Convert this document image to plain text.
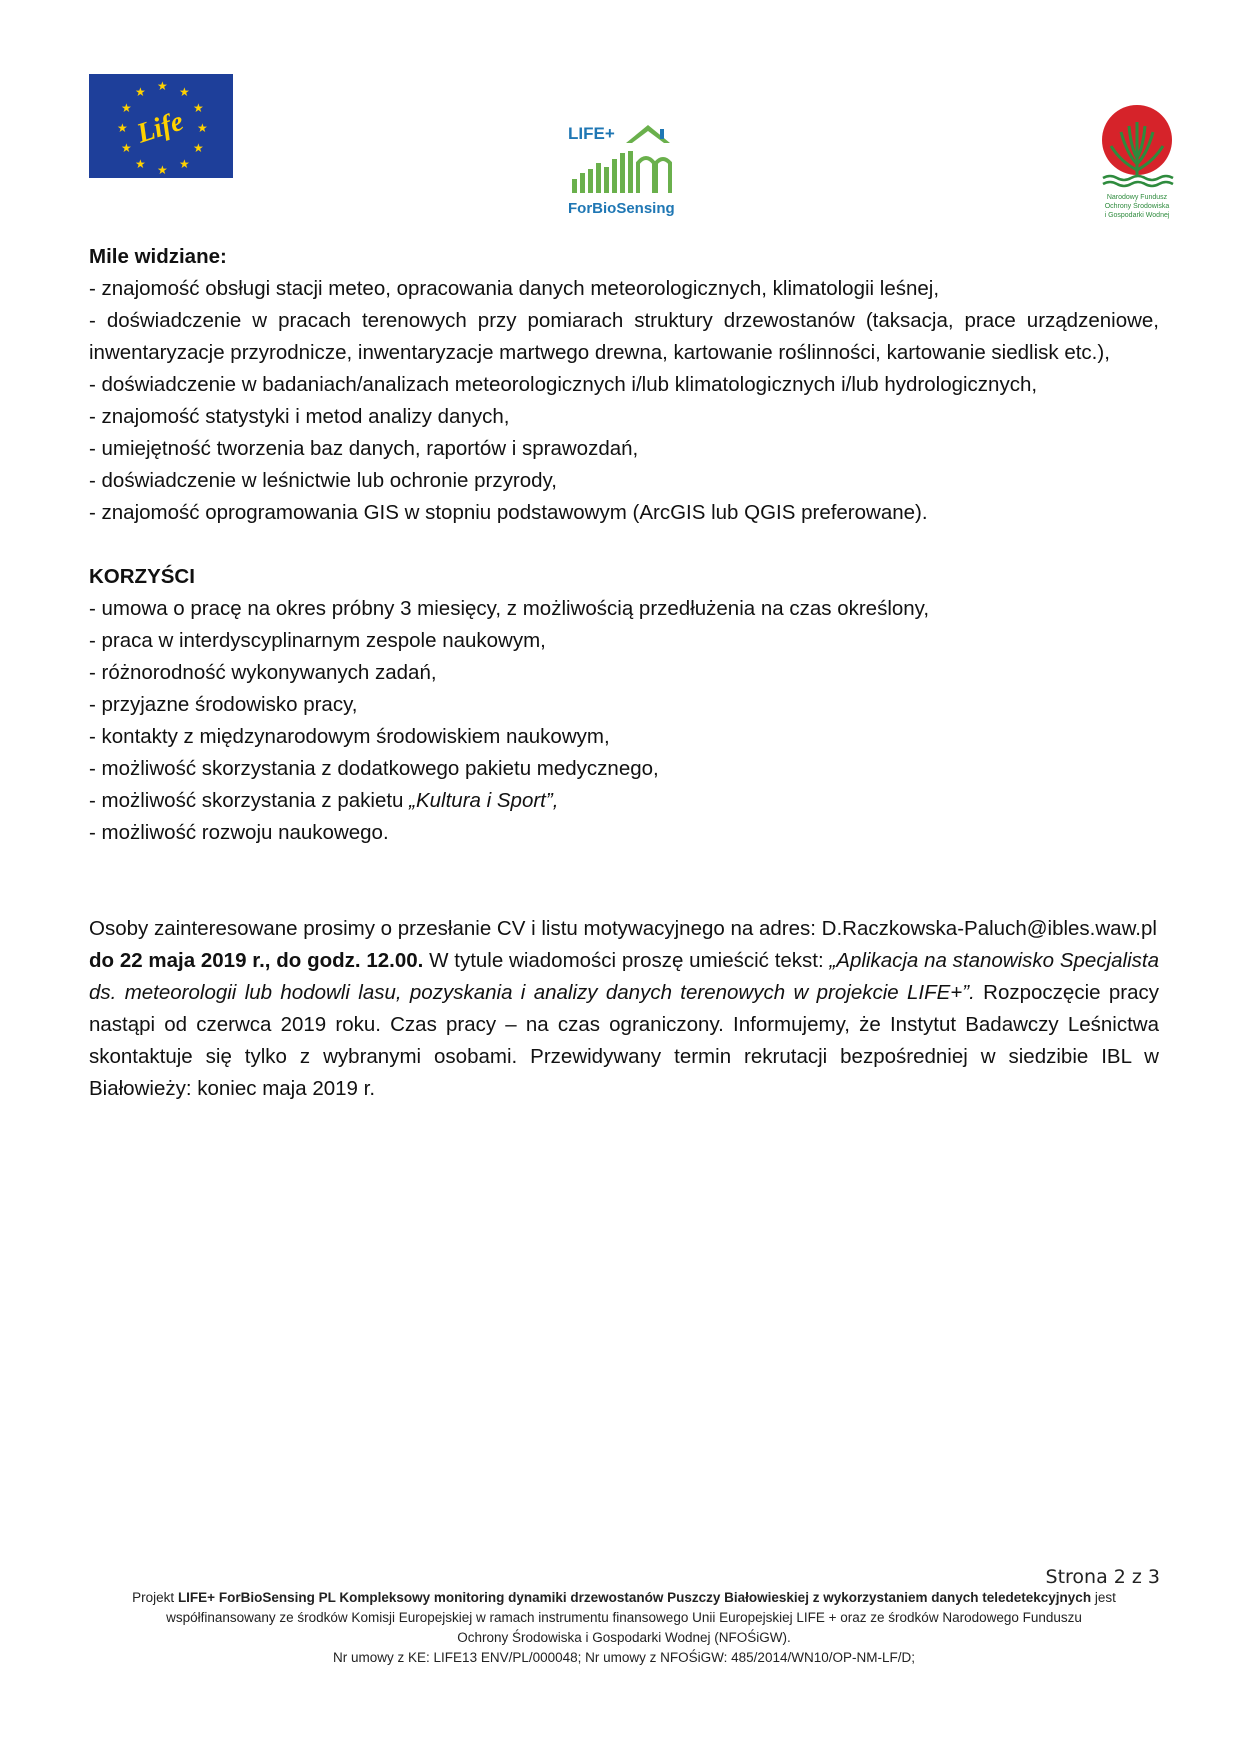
★ ★
★
★
★
★
★
★
★
★
★
★
Life	LIFE+
ForBioSensing
Narodowy Fundusz
Ochrony Środowiska
i Gospodarki Wodnej

Mile widziane:

- znajomość obsługi stacji meteo, opracowania danych meteorologicznych, klimatologii leśnej,

- doświadczenie w pracach terenowych przy pomiarach struktury drzewostanów (taksacja, prace urządzeniowe, inwentaryzacje przyrodnicze, inwentaryzacje martwego drewna, kartowanie roślinności, kartowanie siedlisk etc.),

- doświadczenie w badaniach/analizach meteorologicznych i/lub klimatologicznych i/lub hydrologicznych,

- znajomość statystyki i metod analizy danych,

- umiejętność tworzenia baz danych, raportów i sprawozdań,

- doświadczenie w leśnictwie lub ochronie przyrody,

- znajomość oprogramowania GIS w stopniu podstawowym (ArcGIS lub QGIS preferowane).

KORZYŚCI

- umowa o pracę na okres próbny 3 miesięcy, z możliwością przedłużenia na czas określony,

- praca w interdyscyplinarnym zespole naukowym,

- różnorodność wykonywanych zadań,

- przyjazne środowisko pracy,

- kontakty z międzynarodowym środowiskiem naukowym,

- możliwość skorzystania z dodatkowego pakietu medycznego,

- możliwość skorzystania z pakietu „Kultura i Sport”,

- możliwość rozwoju naukowego.

Osoby zainteresowane prosimy o przesłanie CV i listu motywacyjnego na adres: D.Raczkowska-Paluch@ibles.waw.pl

do 22 maja 2019 r., do godz. 12.00. W tytule wiadomości proszę umieścić tekst: „Aplikacja na stanowisko Specjalista ds. meteorologii lub hodowli lasu, pozyskania i analizy danych terenowych w projekcie LIFE+”. Rozpoczęcie pracy nastąpi od czerwca 2019 roku. Czas pracy – na czas ograniczony. Informujemy, że Instytut Badawczy Leśnictwa skontaktuje się tylko z wybranymi osobami. Przewidywany termin rekrutacji bezpośredniej w siedzibie IBL w Białowieży: koniec maja 2019 r.

Strona 2 z 3

Projekt LIFE+ ForBioSensing PL Kompleksowy monitoring dynamiki drzewostanów Puszczy Białowieskiej z wykorzystaniem danych teledetekcyjnych jest

współfinansowany ze środków Komisji Europejskiej w ramach instrumentu finansowego Unii Europejskiej LIFE + oraz ze środków Narodowego Funduszu

Ochrony Środowiska i Gospodarki Wodnej (NFOŚiGW).

Nr umowy z KE: LIFE13 ENV/PL/000048; Nr umowy z NFOŚiGW: 485/2014/WN10/OP-NM-LF/D;
